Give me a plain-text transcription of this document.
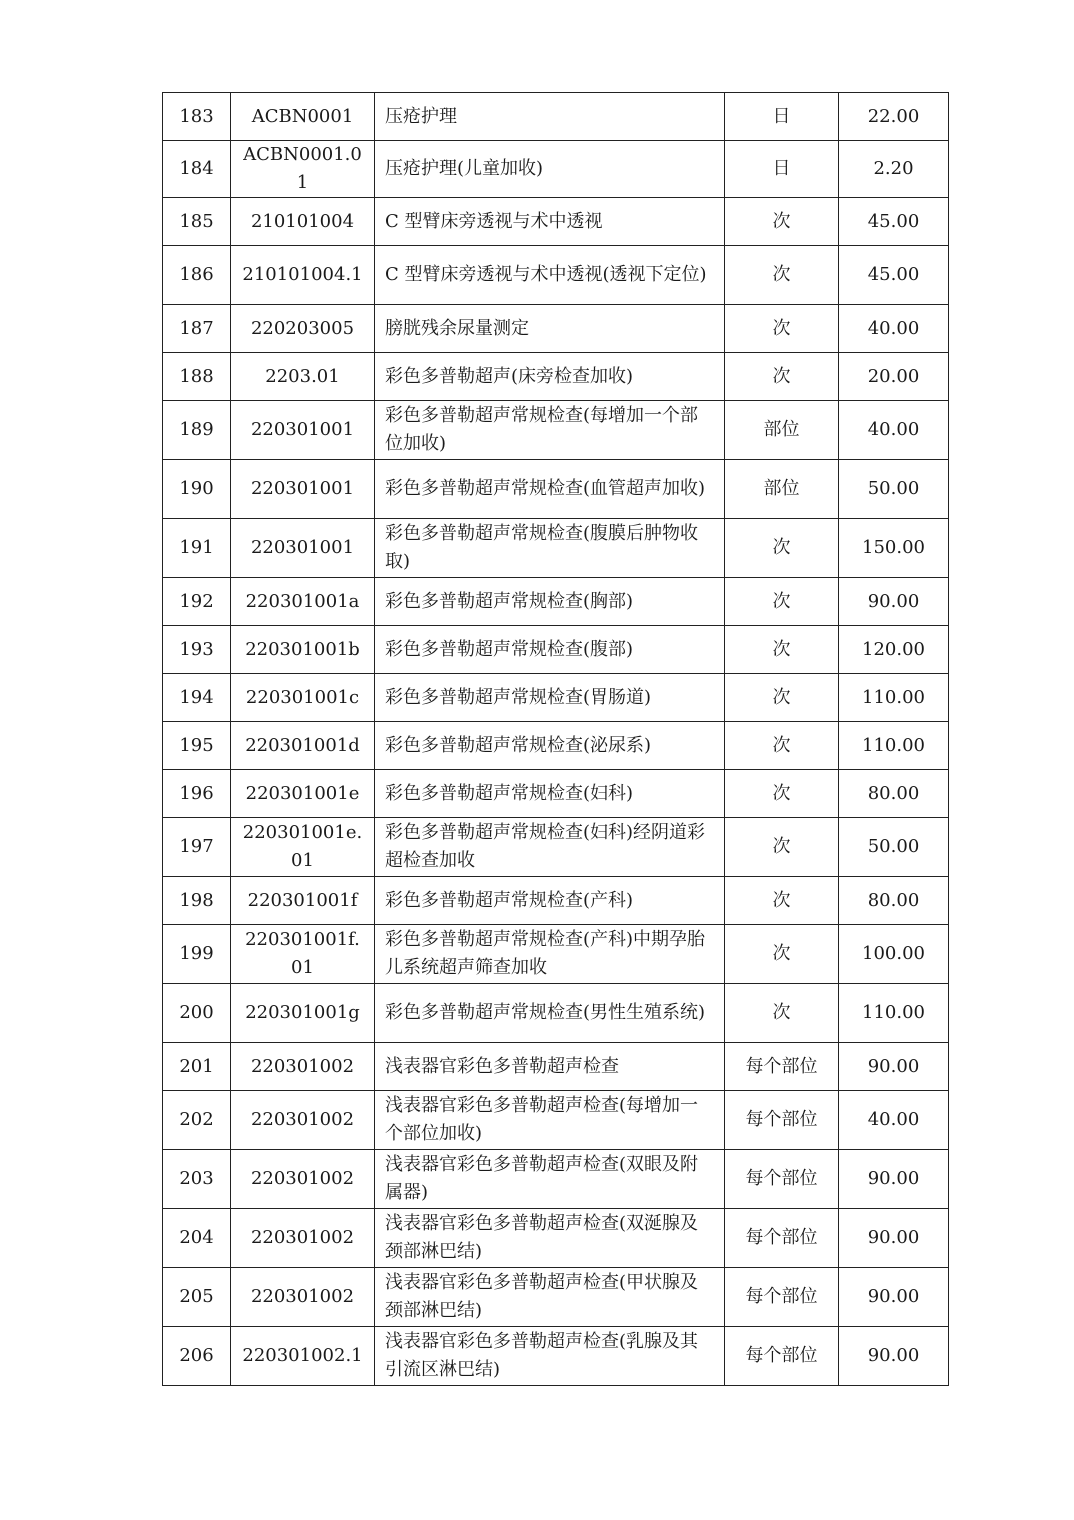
183	ACBN0001	压疮护理	日	22.00
184	ACBN0001.01	压疮护理(儿童加收)	日	2.20
185	210101004	C 型臂床旁透视与术中透视	次	45.00
186	210101004.1	C 型臂床旁透视与术中透视(透视下定位)	次	45.00
187	220203005	膀胱残余尿量测定	次	40.00
188	2203.01	彩色多普勒超声(床旁检查加收)	次	20.00
189	220301001	彩色多普勒超声常规检查(每增加一个部位加收)	部位	40.00
190	220301001	彩色多普勒超声常规检查(血管超声加收)	部位	50.00
191	220301001	彩色多普勒超声常规检查(腹膜后肿物收取)	次	150.00
192	220301001a	彩色多普勒超声常规检查(胸部)	次	90.00
193	220301001b	彩色多普勒超声常规检查(腹部)	次	120.00
194	220301001c	彩色多普勒超声常规检查(胃肠道)	次	110.00
195	220301001d	彩色多普勒超声常规检查(泌尿系)	次	110.00
196	220301001e	彩色多普勒超声常规检查(妇科)	次	80.00
197	220301001e.01	彩色多普勒超声常规检查(妇科)经阴道彩超检查加收	次	50.00
198	220301001f	彩色多普勒超声常规检查(产科)	次	80.00
199	220301001f.01	彩色多普勒超声常规检查(产科)中期孕胎儿系统超声筛查加收	次	100.00
200	220301001g	彩色多普勒超声常规检查(男性生殖系统)	次	110.00
201	220301002	浅表器官彩色多普勒超声检查	每个部位	90.00
202	220301002	浅表器官彩色多普勒超声检查(每增加一个部位加收)	每个部位	40.00
203	220301002	浅表器官彩色多普勒超声检查(双眼及附属器)	每个部位	90.00
204	220301002	浅表器官彩色多普勒超声检查(双涎腺及颈部淋巴结)	每个部位	90.00
205	220301002	浅表器官彩色多普勒超声检查(甲状腺及颈部淋巴结)	每个部位	90.00
206	220301002.1	浅表器官彩色多普勒超声检查(乳腺及其引流区淋巴结)	每个部位	90.00
